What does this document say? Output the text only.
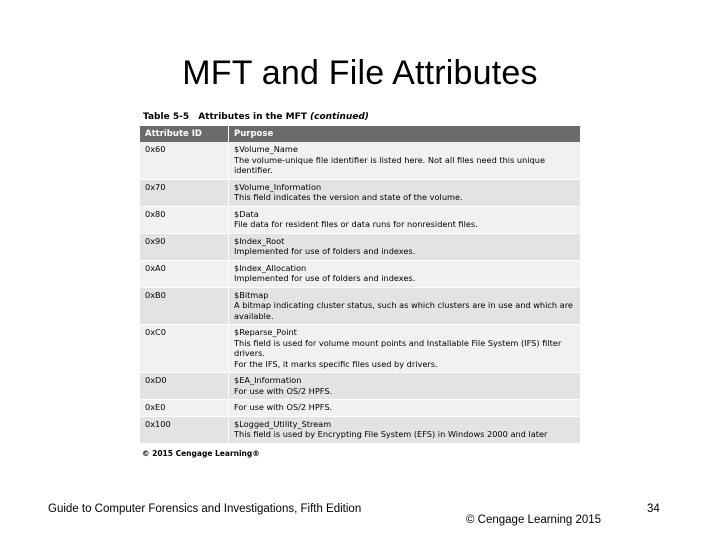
MFT and File Attributes
Table 5-5 Attributes in the MFT (continued)
Attribute ID	Purpose
0x60	$Volume_Name
The volume-unique file identifier is listed here. Not all files need this unique identifier.

0x70	$Volume_Information
This field indicates the version and state of the volume.

0x80	$Data
File data for resident files or data runs for nonresident files.

0x90	$Index_Root
Implemented for use of folders and indexes.

0xA0	$Index_Allocation
Implemented for use of folders and indexes.

0xB0	$Bitmap
A bitmap indicating cluster status, such as which clusters are in use and which are available.

0xC0	$Reparse_Point
This field is used for volume mount points and Installable File System (IFS) filter drivers.
For the IFS, it marks specific files used by drivers.

0xD0	$EA_Information
For use with OS/2 HPFS.

0xE0	For use with OS/2 HPFS.

0x100	$Logged_Utility_Stream
This field is used by Encrypting File System (EFS) in Windows 2000 and later
© 2015 Cengage Learning®
Guide to Computer Forensics and Investigations, Fifth Edition
© Cengage Learning 2015
34
